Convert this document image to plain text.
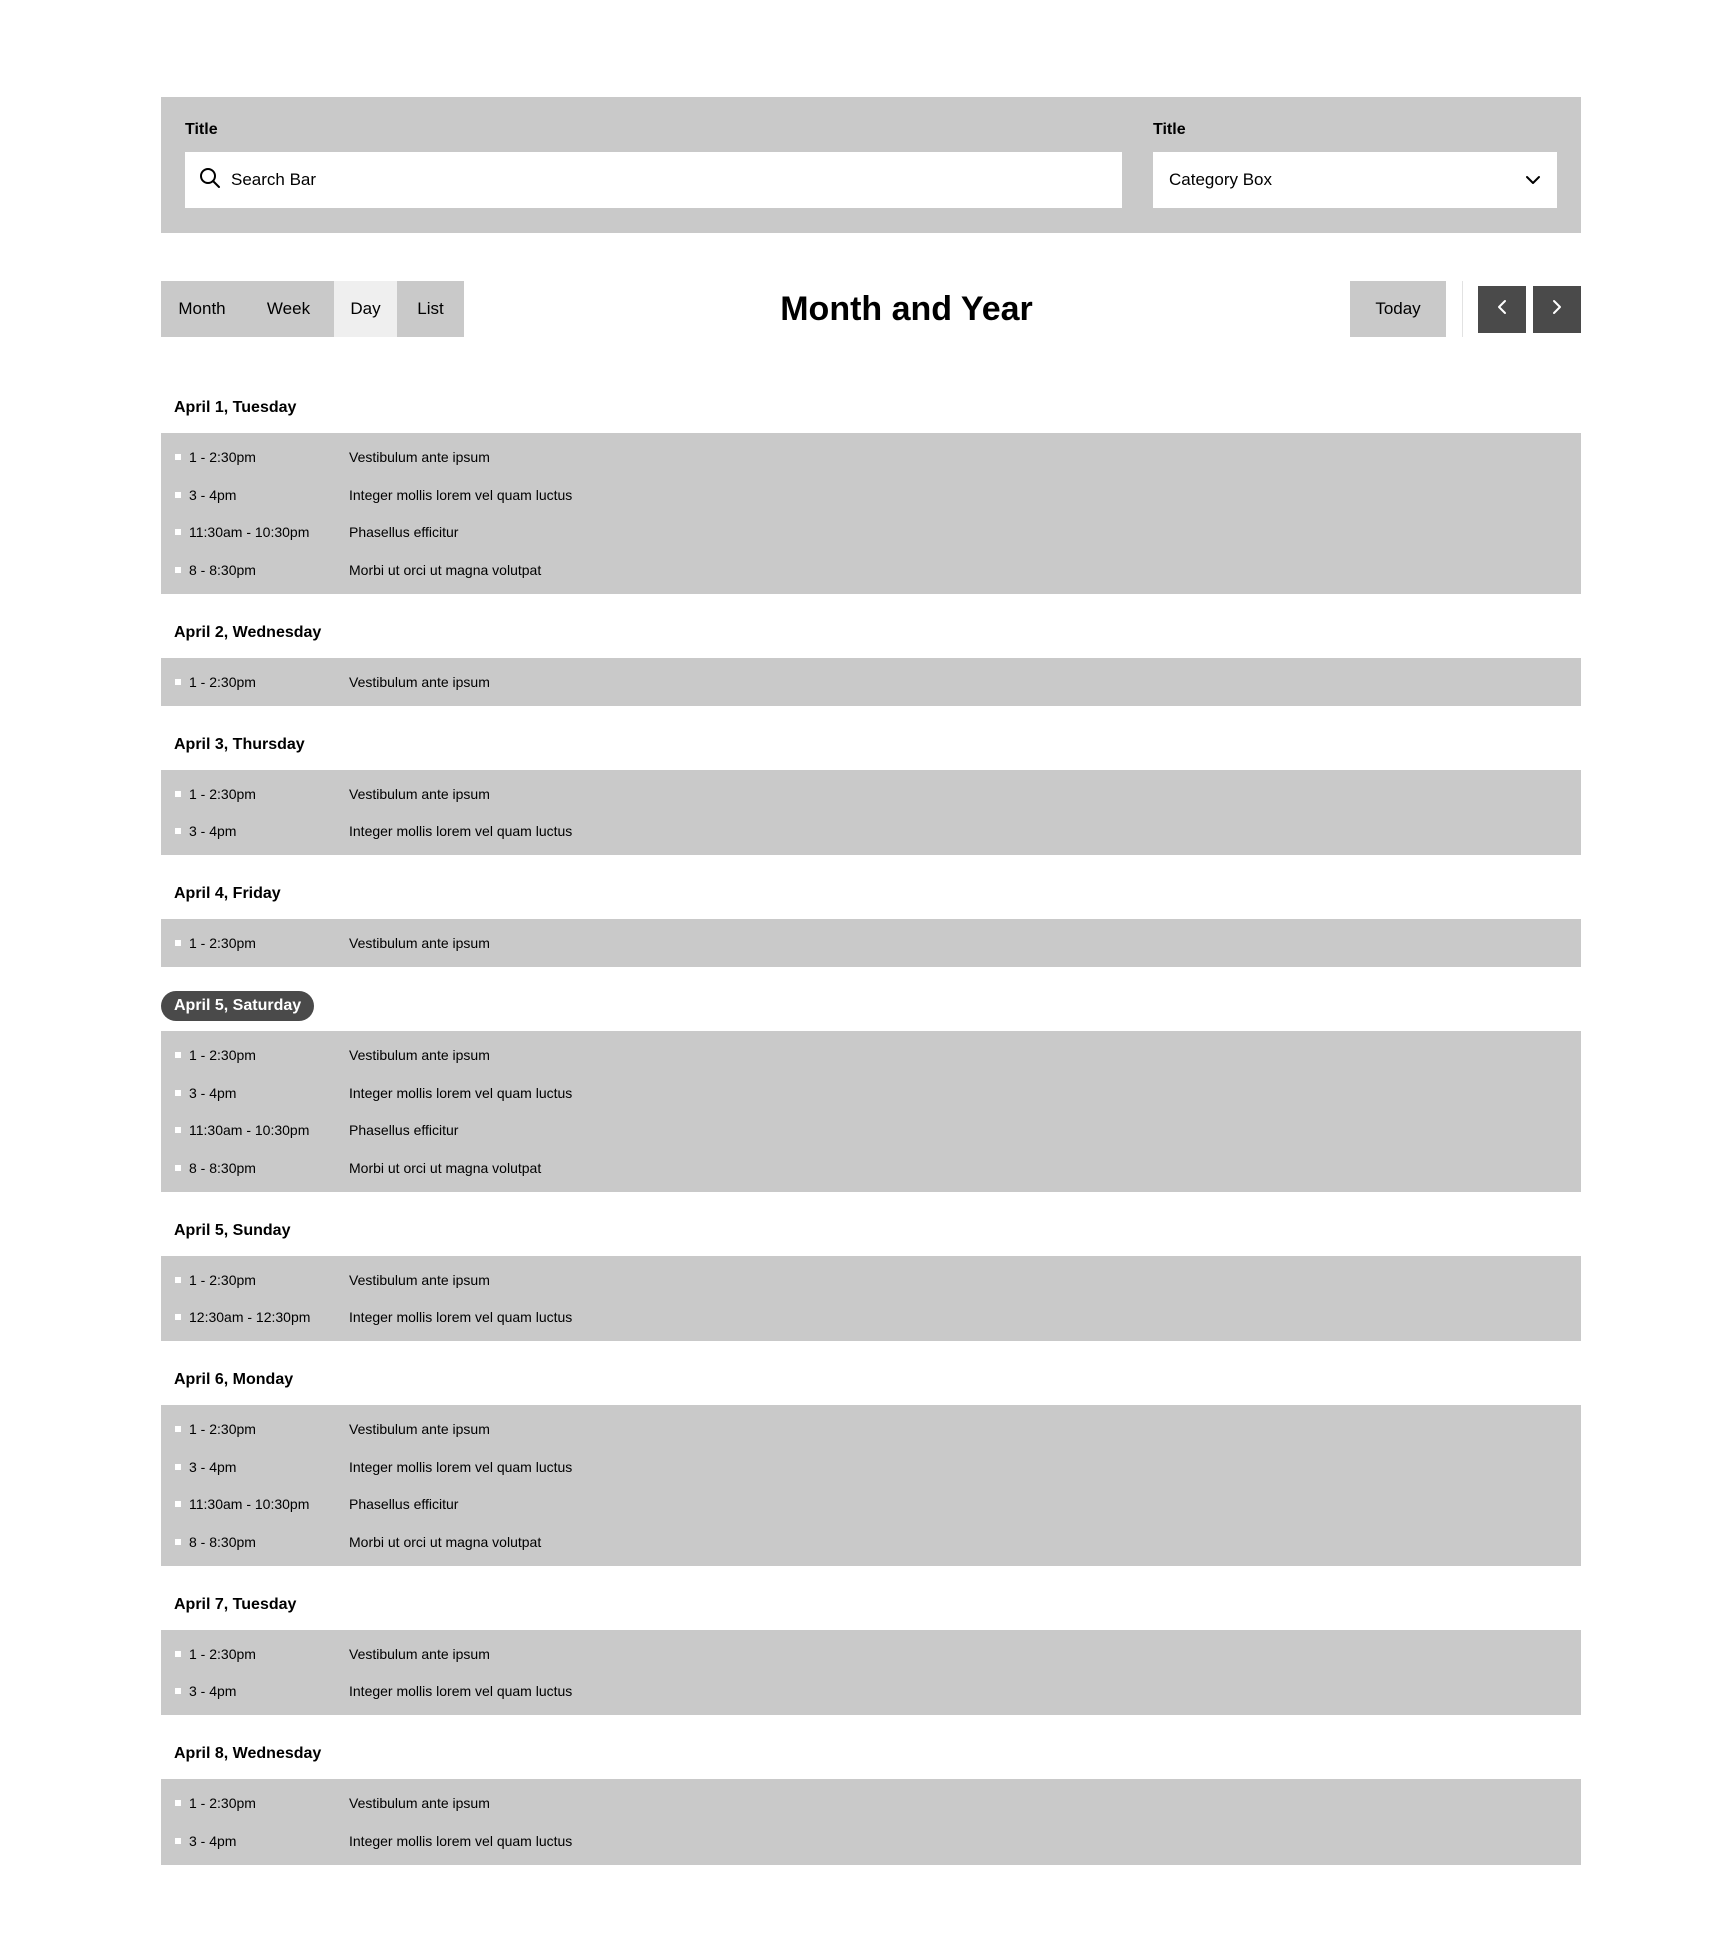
Title
Search Bar
Title
Category Box
Month	Week	Day	List	Month and Year	Today
April 1, Tuesday
1 - 2:30pm	Vestibulum ante ipsum
3 - 4pm	Integer mollis lorem vel quam luctus
11:30am - 10:30pm	Phasellus efficitur
8 - 8:30pm	Morbi ut orci ut magna volutpat
April 2, Wednesday
1 - 2:30pm	Vestibulum ante ipsum
April 3, Thursday
1 - 2:30pm	Vestibulum ante ipsum
3 - 4pm	Integer mollis lorem vel quam luctus
April 4, Friday
1 - 2:30pm	Vestibulum ante ipsum
April 5, Saturday
1 - 2:30pm	Vestibulum ante ipsum
3 - 4pm	Integer mollis lorem vel quam luctus
11:30am - 10:30pm	Phasellus efficitur
8 - 8:30pm	Morbi ut orci ut magna volutpat
April 5, Sunday
1 - 2:30pm	Vestibulum ante ipsum
12:30am - 12:30pm	Integer mollis lorem vel quam luctus
April 6, Monday
1 - 2:30pm	Vestibulum ante ipsum
3 - 4pm	Integer mollis lorem vel quam luctus
11:30am - 10:30pm	Phasellus efficitur
8 - 8:30pm	Morbi ut orci ut magna volutpat
April 7, Tuesday
1 - 2:30pm	Vestibulum ante ipsum
3 - 4pm	Integer mollis lorem vel quam luctus
April 8, Wednesday
1 - 2:30pm	Vestibulum ante ipsum
3 - 4pm	Integer mollis lorem vel quam luctus
